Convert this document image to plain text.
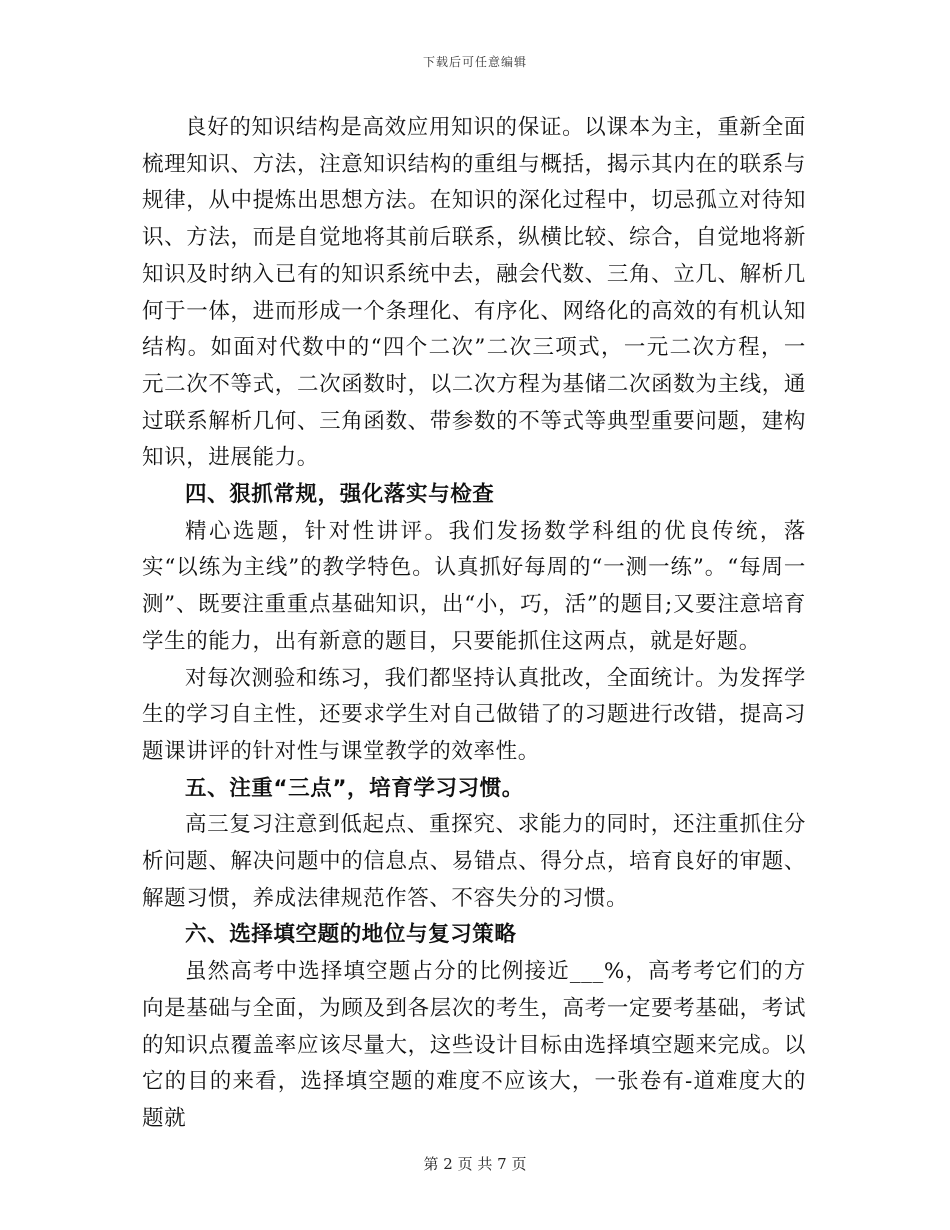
下载后可任意编辑

良好的知识结构是高效应用知识的保证。以课本为主，重新全面梳理知识、方法，注意知识结构的重组与概括，揭示其内在的联系与规律，从中提炼出思想方法。在知识的深化过程中，切忌孤立对待知识、方法，而是自觉地将其前后联系，纵横比较、综合，自觉地将新知识及时纳入已有的知识系统中去，融会代数、三角、立几、解析几何于一体，进而形成一个条理化、有序化、网络化的高效的有机认知结构。如面对代数中的“四个二次”二次三项式，一元二次方程，一元二次不等式，二次函数时，以二次方程为基储二次函数为主线，通过联系解析几何、三角函数、带参数的不等式等典型重要问题，建构知识，进展能力。

四、狠抓常规，强化落实与检查

精心选题，针对性讲评。我们发扬数学科组的优良传统，落实“以练为主线”的教学特色。认真抓好每周的“一测一练”。“每周一测”、既要注重重点基础知识，出“小，巧，活”的题目;又要注意培育学生的能力，出有新意的题目，只要能抓住这两点，就是好题。

对每次测验和练习，我们都坚持认真批改，全面统计。为发挥学生的学习自主性，还要求学生对自己做错了的习题进行改错，提高习题课讲评的针对性与课堂教学的效率性。

五、注重“三点”，培育学习习惯。

高三复习注意到低起点、重探究、求能力的同时，还注重抓住分析问题、解决问题中的信息点、易错点、得分点，培育良好的审题、解题习惯，养成法律规范作答、不容失分的习惯。

六、选择填空题的地位与复习策略

虽然高考中选择填空题占分的比例接近___%，高考考它们的方向是基础与全面，为顾及到各层次的考生，高考一定要考基础，考试的知识点覆盖率应该尽量大，这些设计目标由选择填空题来完成。以它的目的来看，选择填空题的难度不应该大，一张卷有-道难度大的题就

第 2 页 共 7 页
